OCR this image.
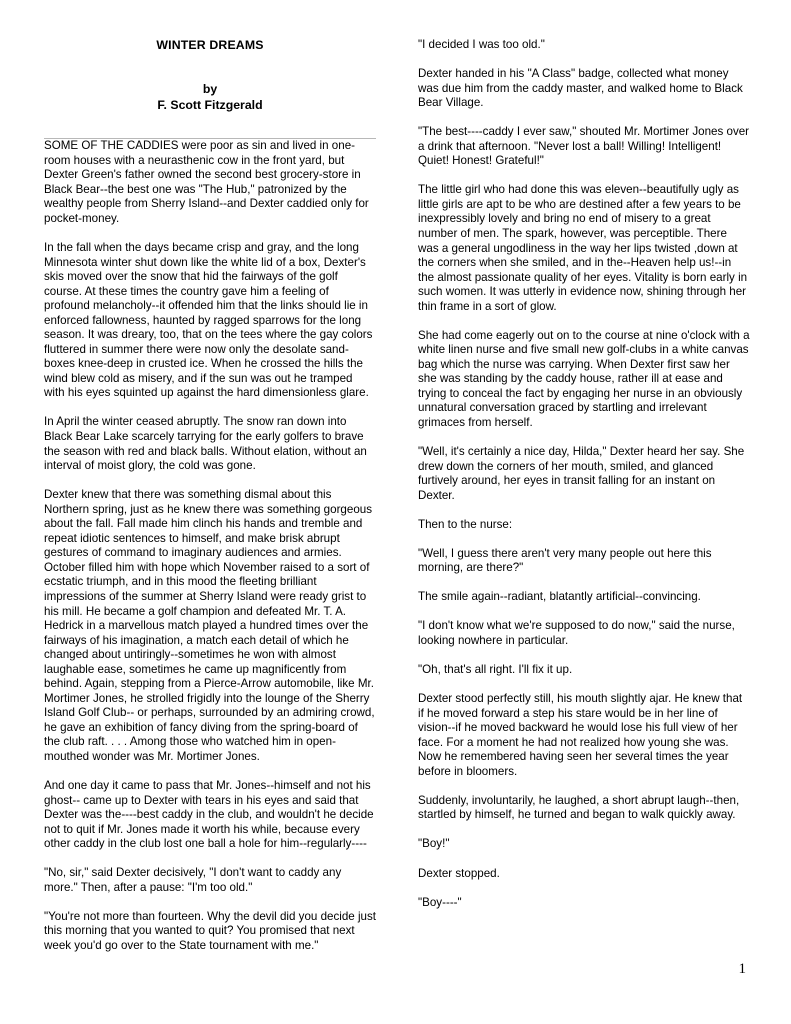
WINTER DREAMS
by
F. Scott Fitzgerald

SOME OF THE CADDIES were poor as sin and lived in one-room houses with a neurasthenic cow in the front yard, but Dexter Green's father owned the second best grocery-store in Black Bear--the best one was "The Hub," patronized by the wealthy people from Sherry Island--and Dexter caddied only for pocket-money.

In the fall when the days became crisp and gray, and the long Minnesota winter shut down like the white lid of a box, Dexter's skis moved over the snow that hid the fairways of the golf course. At these times the country gave him a feeling of profound melancholy--it offended him that the links should lie in enforced fallowness, haunted by ragged sparrows for the long season. It was dreary, too, that on the tees where the gay colors fluttered in summer there were now only the desolate sand-boxes knee-deep in crusted ice. When he crossed the hills the wind blew cold as misery, and if the sun was out he tramped with his eyes squinted up against the hard dimensionless glare.

In April the winter ceased abruptly. The snow ran down into Black Bear Lake scarcely tarrying for the early golfers to brave the season with red and black balls. Without elation, without an interval of moist glory, the cold was gone.

Dexter knew that there was something dismal about this Northern spring, just as he knew there was something gorgeous about the fall. Fall made him clinch his hands and tremble and repeat idiotic sentences to himself, and make brisk abrupt gestures of command to imaginary audiences and armies. October filled him with hope which November raised to a sort of ecstatic triumph, and in this mood the fleeting brilliant impressions of the summer at Sherry Island were ready grist to his mill. He became a golf champion and defeated Mr. T. A. Hedrick in a marvellous match played a hundred times over the fairways of his imagination, a match each detail of which he changed about untiringly--sometimes he won with almost laughable ease, sometimes he came up magnificently from behind. Again, stepping from a Pierce-Arrow automobile, like Mr. Mortimer Jones, he strolled frigidly into the lounge of the Sherry Island Golf Club-- or perhaps, surrounded by an admiring crowd, he gave an exhibition of fancy diving from the spring-board of the club raft. . . . Among those who watched him in open-mouthed wonder was Mr. Mortimer Jones.

And one day it came to pass that Mr. Jones--himself and not his ghost-- came up to Dexter with tears in his eyes and said that Dexter was the----best caddy in the club, and wouldn't he decide not to quit if Mr. Jones made it worth his while, because every other caddy in the club lost one ball a hole for him--regularly----

"No, sir," said Dexter decisively, "I don't want to caddy any more." Then, after a pause: "I'm too old."

"You're not more than fourteen. Why the devil did you decide just this morning that you wanted to quit? You promised that next week you'd go over to the State tournament with me."

"I decided I was too old."

Dexter handed in his "A Class" badge, collected what money was due him from the caddy master, and walked home to Black Bear Village.

"The best----caddy I ever saw," shouted Mr. Mortimer Jones over a drink that afternoon. "Never lost a ball! Willing! Intelligent! Quiet! Honest! Grateful!"

The little girl who had done this was eleven--beautifully ugly as little girls are apt to be who are destined after a few years to be inexpressibly lovely and bring no end of misery to a great number of men. The spark, however, was perceptible. There was a general ungodliness in the way her lips twisted ,down at the corners when she smiled, and in the--Heaven help us!--in the almost passionate quality of her eyes. Vitality is born early in such women. It was utterly in evidence now, shining through her thin frame in a sort of glow.

She had come eagerly out on to the course at nine o'clock with a white linen nurse and five small new golf-clubs in a white canvas bag which the nurse was carrying. When Dexter first saw her she was standing by the caddy house, rather ill at ease and trying to conceal the fact by engaging her nurse in an obviously unnatural conversation graced by startling and irrelevant grimaces from herself.

"Well, it's certainly a nice day, Hilda," Dexter heard her say. She drew down the corners of her mouth, smiled, and glanced furtively around, her eyes in transit falling for an instant on Dexter.

Then to the nurse:

"Well, I guess there aren't very many people out here this morning, are there?"

The smile again--radiant, blatantly artificial--convincing.

"I don't know what we're supposed to do now," said the nurse, looking nowhere in particular.

"Oh, that's all right. I'll fix it up.

Dexter stood perfectly still, his mouth slightly ajar. He knew that if he moved forward a step his stare would be in her line of vision--if he moved backward he would lose his full view of her face. For a moment he had not realized how young she was. Now he remembered having seen her several times the year before in bloomers.

Suddenly, involuntarily, he laughed, a short abrupt laugh--then, startled by himself, he turned and began to walk quickly away.

"Boy!"

Dexter stopped.

"Boy----"

1
